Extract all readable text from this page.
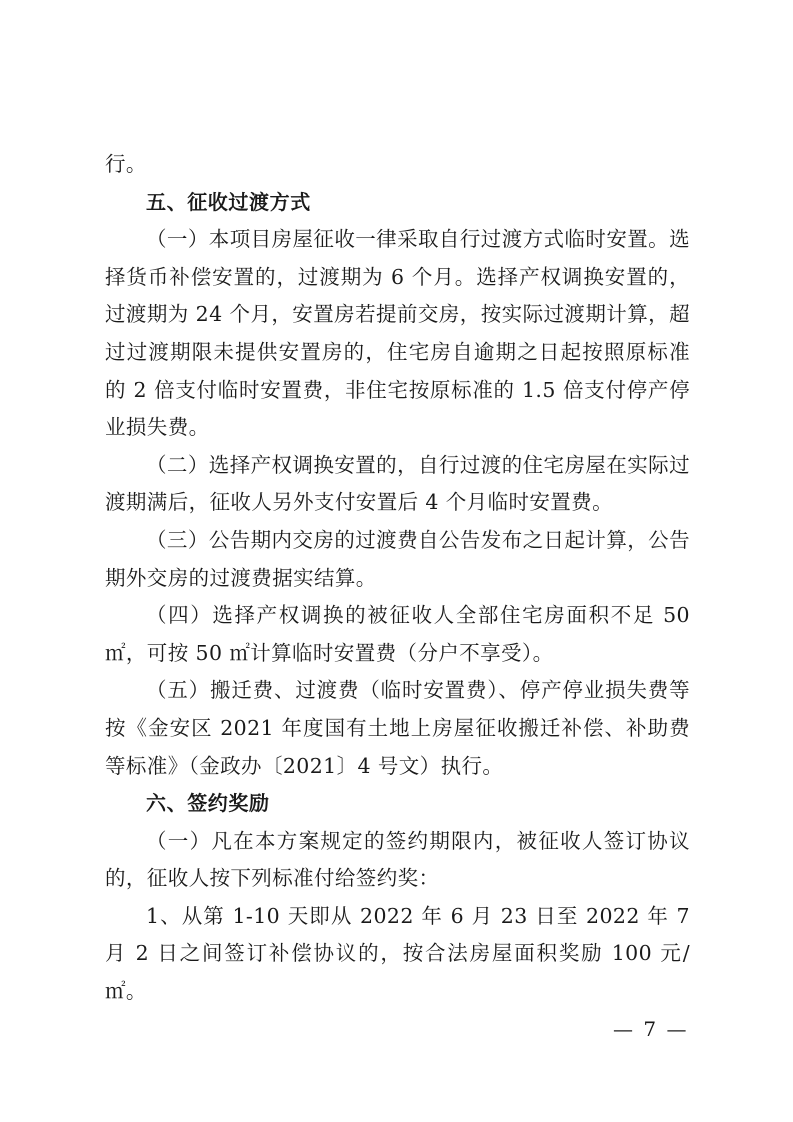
行。

五、征收过渡方式

（一）本项目房屋征收一律采取自行过渡方式临时安置。选择货币补偿安置的，过渡期为 6 个月。选择产权调换安置的，过渡期为 24 个月，安置房若提前交房，按实际过渡期计算，超过过渡期限未提供安置房的，住宅房自逾期之日起按照原标准的 2 倍支付临时安置费，非住宅按原标准的 1.5 倍支付停产停业损失费。

（二）选择产权调换安置的，自行过渡的住宅房屋在实际过渡期满后，征收人另外支付安置后 4 个月临时安置费。

（三）公告期内交房的过渡费自公告发布之日起计算，公告期外交房的过渡费据实结算。

（四）选择产权调换的被征收人全部住宅房面积不足 50 ㎡，可按 50 ㎡计算临时安置费（分户不享受）。

（五）搬迁费、过渡费（临时安置费）、停产停业损失费等按《金安区 2021 年度国有土地上房屋征收搬迁补偿、补助费等标准》（金政办〔2021〕4 号文）执行。

六、签约奖励

（一）凡在本方案规定的签约期限内，被征收人签订协议的，征收人按下列标准付给签约奖：

1、从第 1-10 天即从 2022 年 6 月 23 日至 2022 年 7 月 2 日之间签订补偿协议的，按合法房屋面积奖励 100 元/㎡。

— 7 —
